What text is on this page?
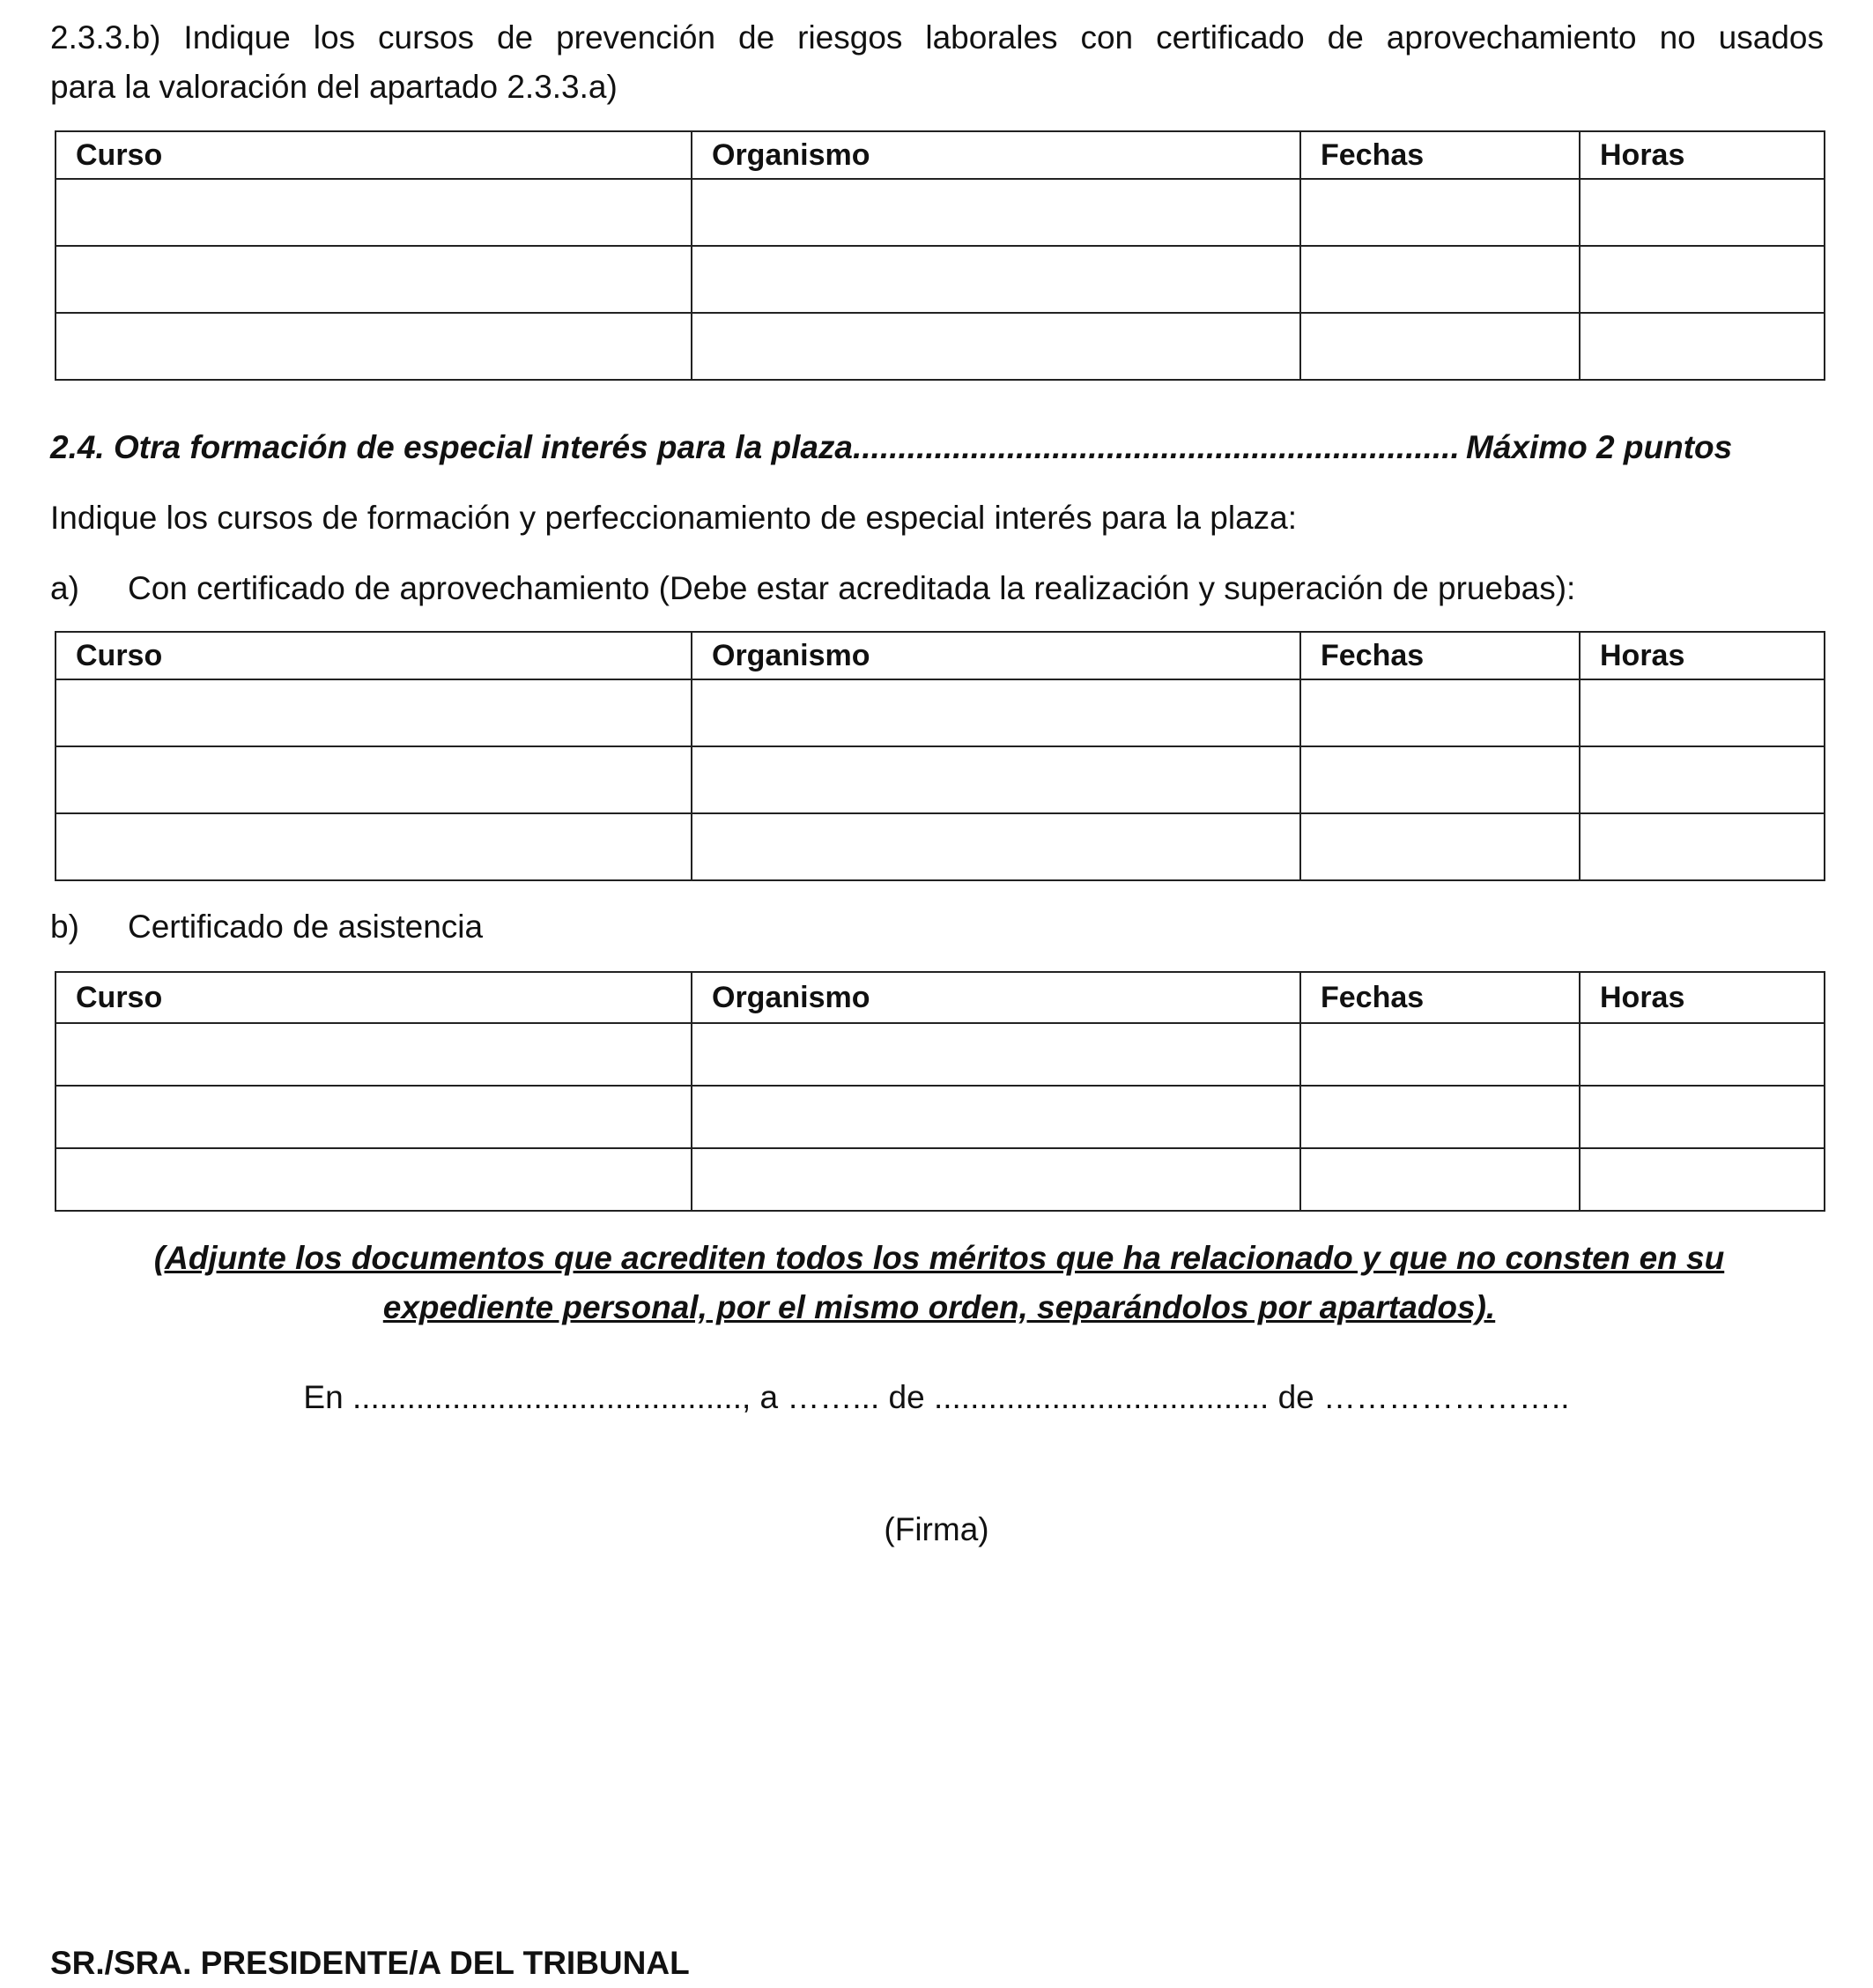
2.3.3.b) Indique los cursos de prevención de riesgos laborales con certificado de aprovechamiento no usados
para la valoración del apartado 2.3.3.a)
Curso	Organismo	Fechas	Horas

2.4. Otra formación de especial interés para la plaza................................................................... Máximo 2 puntos
Indique los cursos de formación y perfeccionamiento de especial interés para la plaza:
a) Con certificado de aprovechamiento (Debe estar acreditada la realización y superación de pruebas):
Curso	Organismo	Fechas	Horas

b) Certificado de asistencia
Curso	Organismo	Fechas	Horas

(Adjunte los documentos que acrediten todos los méritos que ha relacionado y que no consten en su
expediente personal, por el mismo orden, separándolos por apartados).
En ..........................................., a ……... de ..................................... de …………………..
(Firma)
SR./SRA. PRESIDENTE/A DEL TRIBUNAL
